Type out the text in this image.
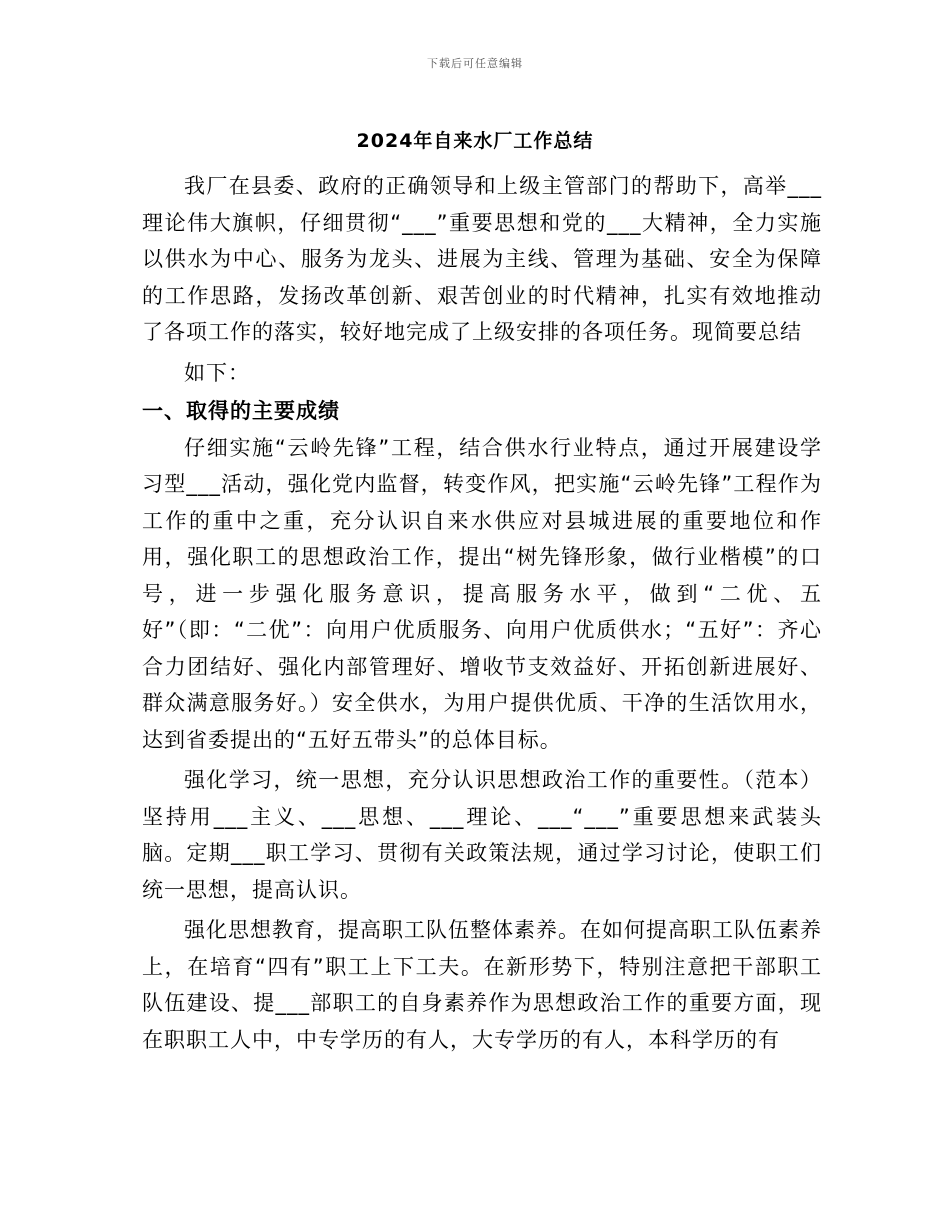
下载后可任意编辑
2024年自来水厂工作总结

我厂在县委、政府的正确领导和上级主管部门的帮助下，高举___理论伟大旗帜，仔细贯彻“___”重要思想和党的___大精神，全力实施以供水为中心、服务为龙头、进展为主线、管理为基础、安全为保障的工作思路，发扬改革创新、艰苦创业的时代精神，扎实有效地推动了各项工作的落实，较好地完成了上级安排的各项任务。现简要总结

如下：

一、取得的主要成绩

仔细实施“云岭先锋”工程，结合供水行业特点，通过开展建设学习型___活动，强化党内监督，转变作风，把实施“云岭先锋”工程作为工作的重中之重，充分认识自来水供应对县城进展的重要地位和作用，强化职工的思想政治工作，提出“树先锋形象，做行业楷模”的口号，进一步强化服务意识，提高服务水平，做到“二优、五好”（即：“二优”：向用户优质服务、向用户优质供水；“五好”：齐心合力团结好、强化内部管理好、增收节支效益好、开拓创新进展好、群众满意服务好。）安全供水，为用户提供优质、干净的生活饮用水，达到省委提出的“五好五带头”的总体目标。

强化学习，统一思想，充分认识思想政治工作的重要性。（范本）坚持用___主义、___思想、___理论、___“___”重要思想来武装头脑。定期___职工学习、贯彻有关政策法规，通过学习讨论，使职工们统一思想，提高认识。

强化思想教育，提高职工队伍整体素养。在如何提高职工队伍素养上，在培育“四有”职工上下工夫。在新形势下，特别注意把干部职工队伍建设、提___部职工的自身素养作为思想政治工作的重要方面，现在职职工人中，中专学历的有人，大专学历的有人，本科学历的有
